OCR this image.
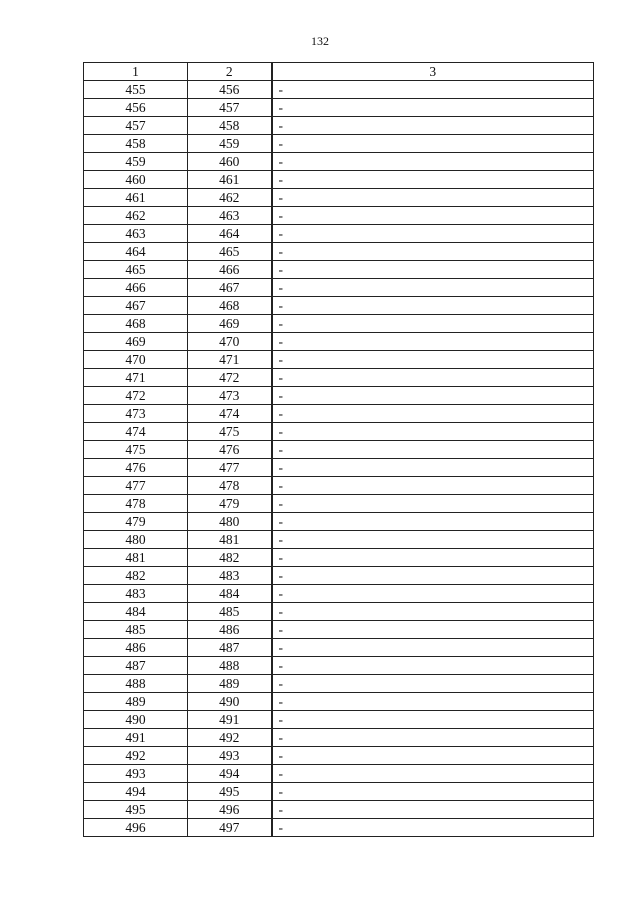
132
1	2	3
455	456	-
456	457	-
457	458	-
458	459	-
459	460	-
460	461	-
461	462	-
462	463	-
463	464	-
464	465	-
465	466	-
466	467	-
467	468	-
468	469	-
469	470	-
470	471	-
471	472	-
472	473	-
473	474	-
474	475	-
475	476	-
476	477	-
477	478	-
478	479	-
479	480	-
480	481	-
481	482	-
482	483	-
483	484	-
484	485	-
485	486	-
486	487	-
487	488	-
488	489	-
489	490	-
490	491	-
491	492	-
492	493	-
493	494	-
494	495	-
495	496	-
496	497	-
